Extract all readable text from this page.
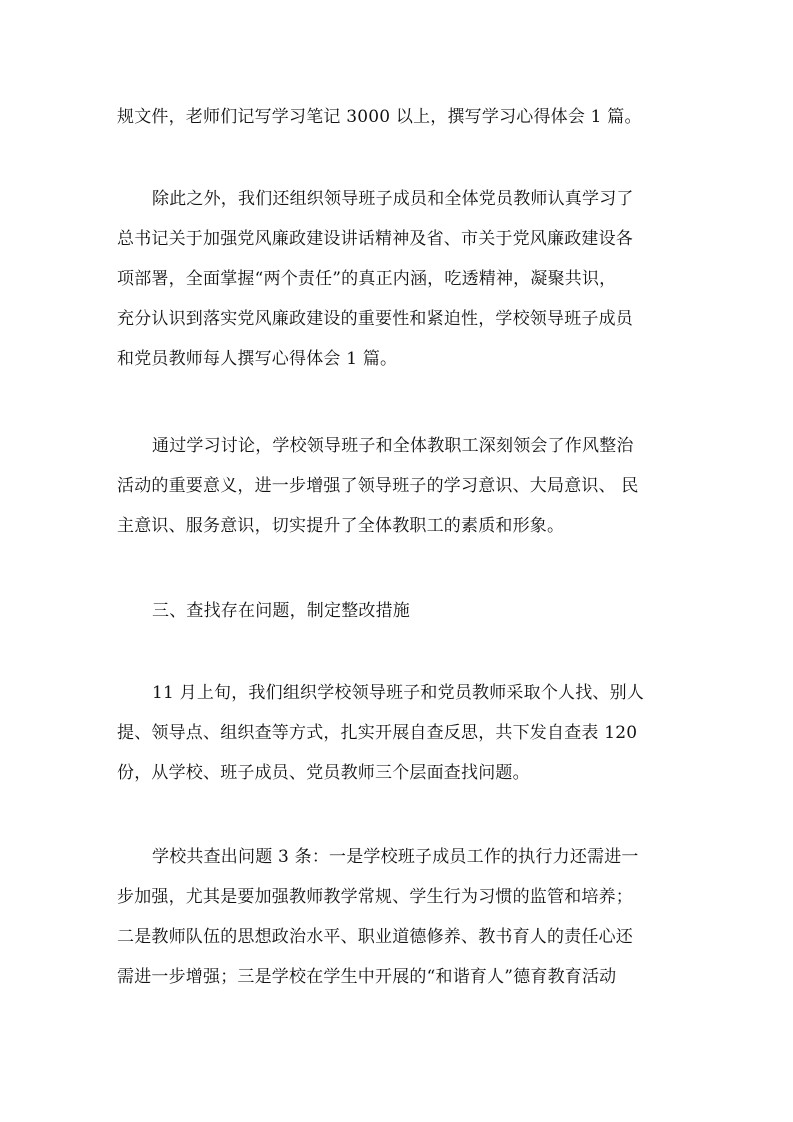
规文件，老师们记写学习笔记 3000 以上，撰写学习心得体会 1 篇。

除此之外，我们还组织领导班子成员和全体党员教师认真学习了
总书记关于加强党风廉政建设讲话精神及省、市关于党风廉政建设各
项部署，全面掌握“两个责任”的真正内涵，吃透精神，凝聚共识，
充分认识到落实党风廉政建设的重要性和紧迫性，学校领导班子成员
和党员教师每人撰写心得体会 1 篇。

通过学习讨论，学校领导班子和全体教职工深刻领会了作风整治
活动的重要意义，进一步增强了领导班子的学习意识、大局意识、 民
主意识、服务意识，切实提升了全体教职工的素质和形象。

三、查找存在问题，制定整改措施

11 月上旬，我们组织学校领导班子和党员教师采取个人找、别人
提、领导点、组织查等方式，扎实开展自查反思，共下发自查表 120
份，从学校、班子成员、党员教师三个层面查找问题。

学校共查出问题 3 条：一是学校班子成员工作的执行力还需进一
步加强，尤其是要加强教师教学常规、学生行为习惯的监管和培养；
二是教师队伍的思想政治水平、职业道德修养、教书育人的责任心还
需进一步增强；三是学校在学生中开展的“和谐育人”德育教育活动
